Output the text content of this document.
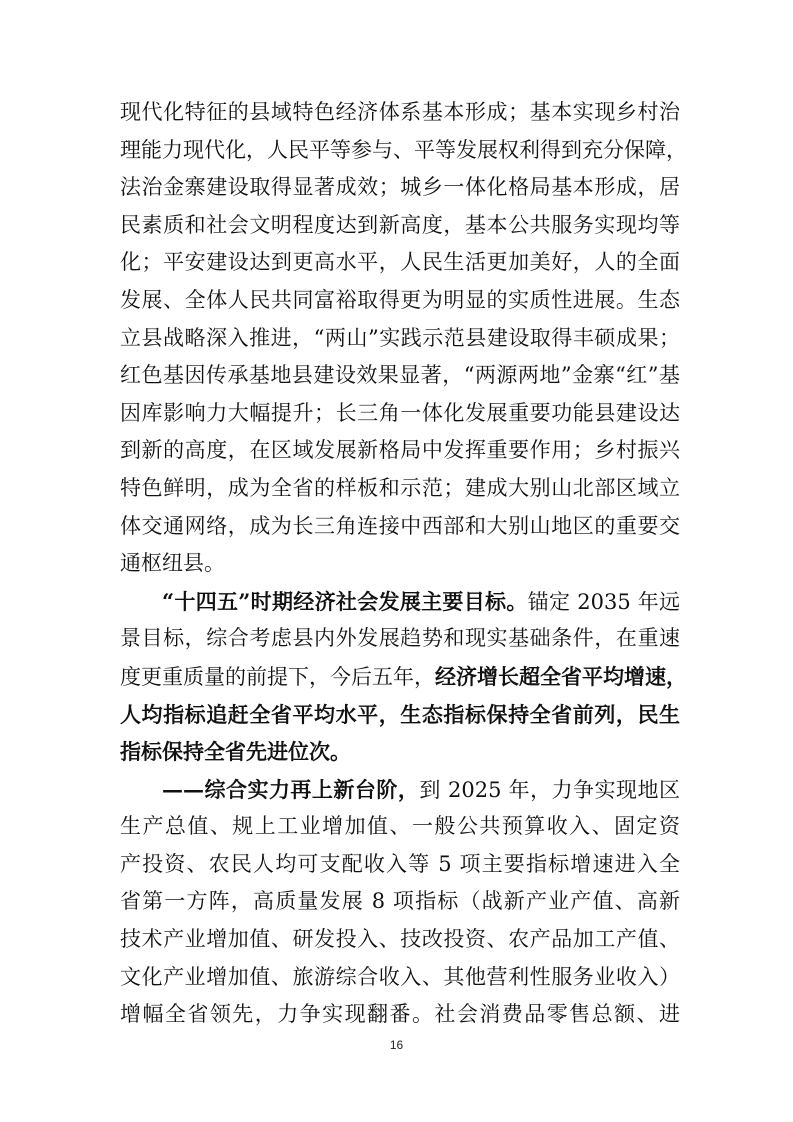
现代化特征的县域特色经济体系基本形成；基本实现乡村治
理能力现代化，人民平等参与、平等发展权利得到充分保障，
法治金寨建设取得显著成效；城乡一体化格局基本形成，居
民素质和社会文明程度达到新高度，基本公共服务实现均等
化；平安建设达到更高水平，人民生活更加美好，人的全面
发展、全体人民共同富裕取得更为明显的实质性进展。生态
立县战略深入推进，“两山”实践示范县建设取得丰硕成果；
红色基因传承基地县建设效果显著，“两源两地”金寨“红”基
因库影响力大幅提升；长三角一体化发展重要功能县建设达
到新的高度，在区域发展新格局中发挥重要作用；乡村振兴
特色鲜明，成为全省的样板和示范；建成大别山北部区域立
体交通网络，成为长三角连接中西部和大别山地区的重要交
通枢纽县。
“十四五”时期经济社会发展主要目标。锚定 2035 年远
景目标，综合考虑县内外发展趋势和现实基础条件，在重速
度更重质量的前提下，今后五年，经济增长超全省平均增速，
人均指标追赶全省平均水平，生态指标保持全省前列，民生
指标保持全省先进位次。
——综合实力再上新台阶，到 2025 年，力争实现地区
生产总值、规上工业增加值、一般公共预算收入、固定资
产投资、农民人均可支配收入等 5 项主要指标增速进入全
省第一方阵，高质量发展 8 项指标（战新产业产值、高新
技术产业增加值、研发投入、技改投资、农产品加工产值、
文化产业增加值、旅游综合收入、其他营利性服务业收入）
增幅全省领先，力争实现翻番。社会消费品零售总额、进
16
